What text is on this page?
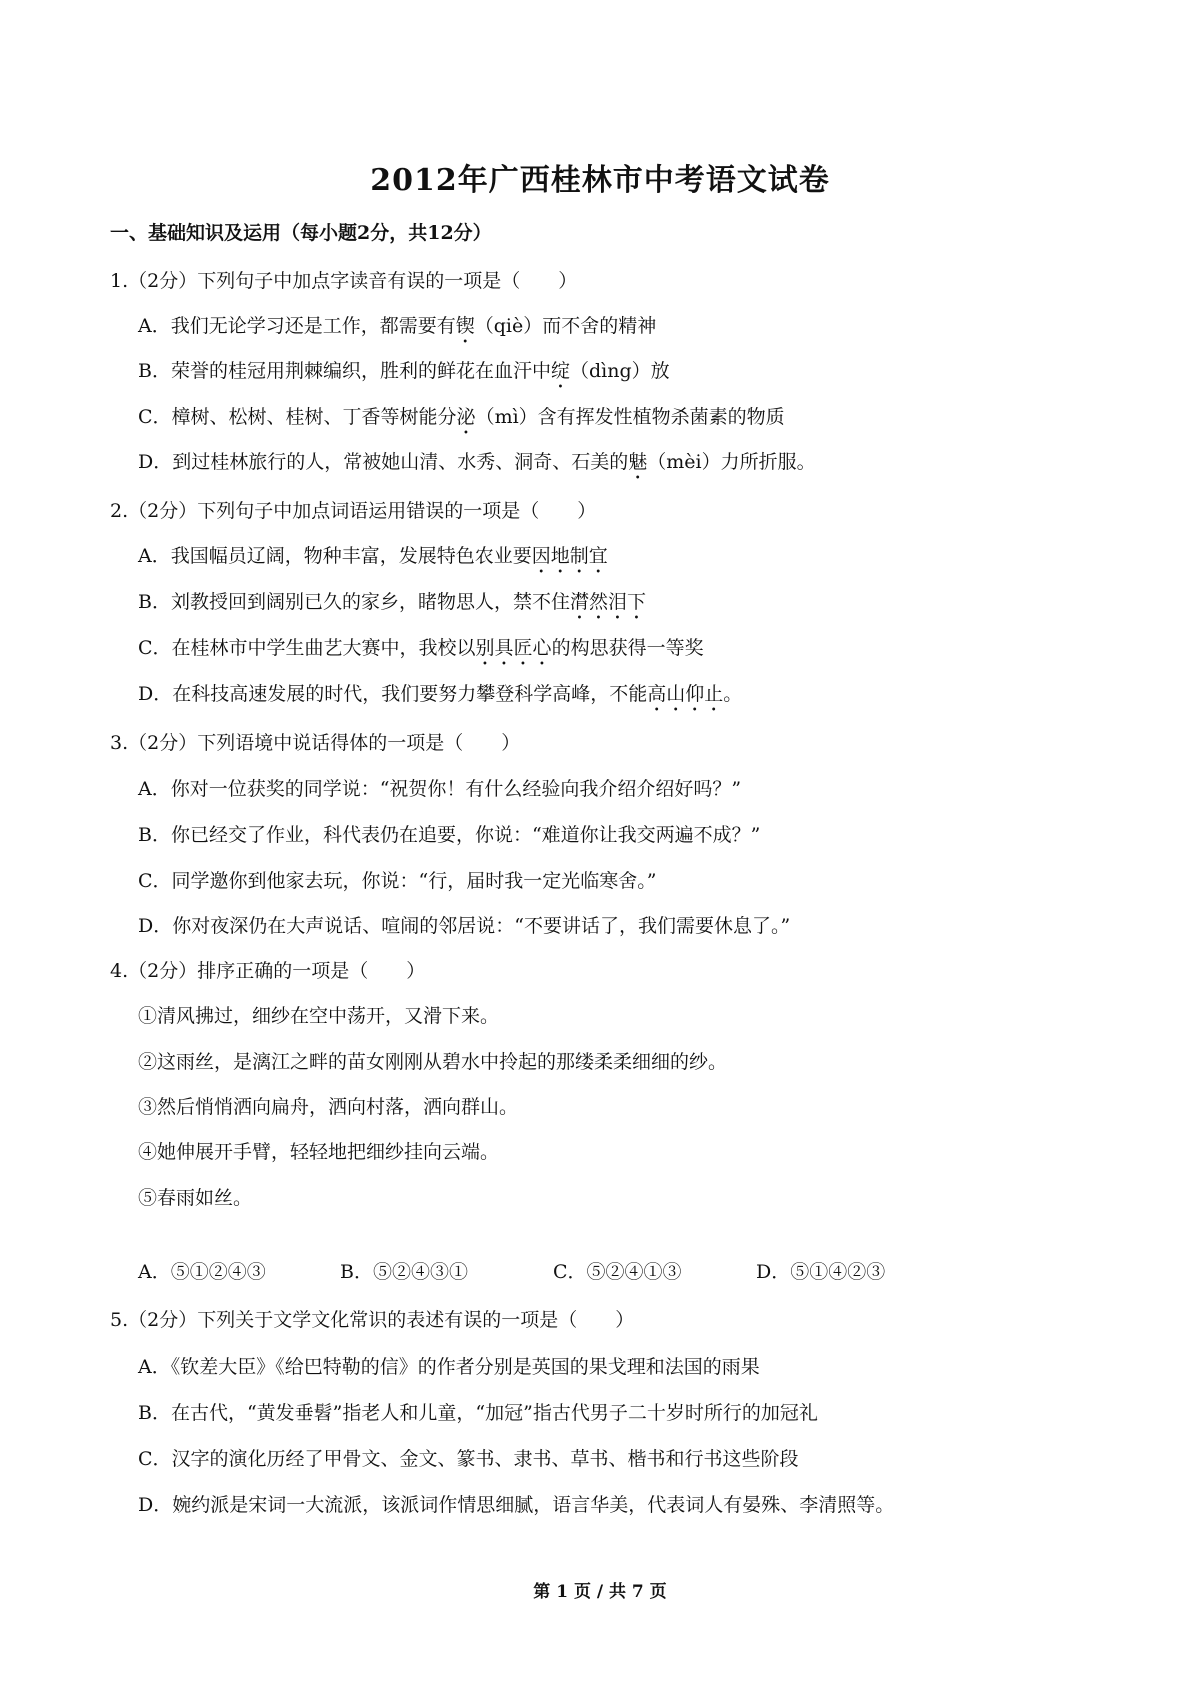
2012年广西桂林市中考语文试卷
一、基础知识及运用（每小题2分，共12分）
1.（2分）下列句子中加点字读音有误的一项是（　　）
A．我们无论学习还是工作，都需要有锲（qiè）而不舍的精神
B．荣誉的桂冠用荆棘编织，胜利的鲜花在血汗中绽（dìng）放
C．樟树、松树、桂树、丁香等树能分泌（mì）含有挥发性植物杀菌素的物质
D．到过桂林旅行的人，常被她山清、水秀、洞奇、石美的魅（mèi）力所折服。
2.（2分）下列句子中加点词语运用错误的一项是（　　）
A．我国幅员辽阔，物种丰富，发展特色农业要因地制宜
B．刘教授回到阔别已久的家乡，睹物思人，禁不住潸然泪下
C．在桂林市中学生曲艺大赛中，我校以别具匠心的构思获得一等奖
D．在科技高速发展的时代，我们要努力攀登科学高峰，不能高山仰止。
3.（2分）下列语境中说话得体的一项是（　　）
A．你对一位获奖的同学说：“祝贺你！有什么经验向我介绍介绍好吗？”
B．你已经交了作业，科代表仍在追要，你说：“难道你让我交两遍不成？”
C．同学邀你到他家去玩，你说：“行，届时我一定光临寒舍。”
D．你对夜深仍在大声说话、喧闹的邻居说：“不要讲话了，我们需要休息了。”
4.（2分）排序正确的一项是（　　）
①清风拂过，细纱在空中荡开，又滑下来。
②这雨丝，是漓江之畔的苗女刚刚从碧水中拎起的那缕柔柔细细的纱。
③然后悄悄洒向扁舟，洒向村落，洒向群山。
④她伸展开手臂，轻轻地把细纱挂向云端。
⑤春雨如丝。
A．⑤①②④③	B．⑤②④③①	C．⑤②④①③	D．⑤①④②③
5.（2分）下列关于文学文化常识的表述有误的一项是（　　）
A．《钦差大臣》《给巴特勒的信》的作者分别是英国的果戈理和法国的雨果
B．在古代，“黄发垂髫”指老人和儿童，“加冠”指古代男子二十岁时所行的加冠礼
C．汉字的演化历经了甲骨文、金文、篆书、隶书、草书、楷书和行书这些阶段
D．婉约派是宋词一大流派，该派词作情思细腻，语言华美，代表词人有晏殊、李清照等。
第 1 页 / 共 7 页
